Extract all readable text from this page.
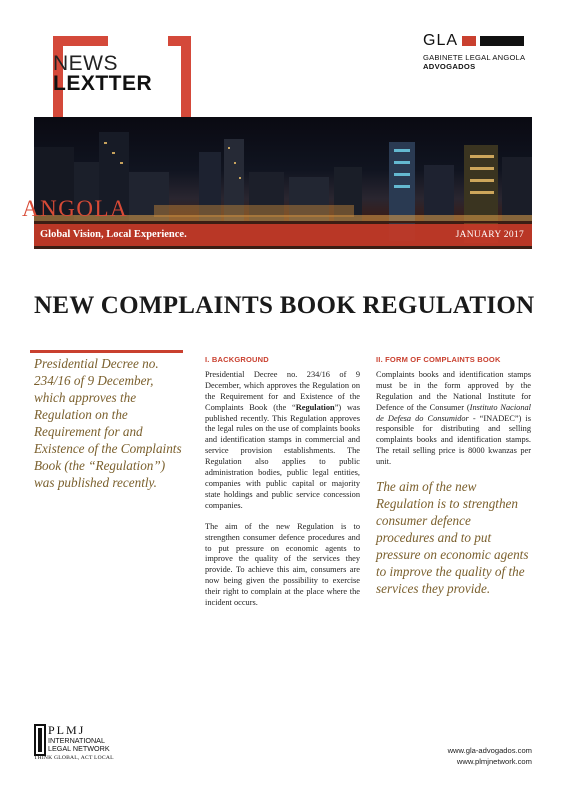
NEWS
LEXTTER
GLA
GABINETE LEGAL ANGOLA
ADVOGADOS
ANGOLA
Global Vision, Local Experience.	JANUARY 2017
NEW COMPLAINTS BOOK REGULATION
Presidential Decree no. 234/16 of 9 December, which approves the Regulation on the Requirement for and Existence of the Complaints Book (the “Regulation”) was published recently.
I. BACKGROUND

Presidential Decree no. 234/16 of 9 December, which approves the Regulation on the Requirement for and Existence of the Complaints Book (the “Regulation”) was published recently. This Regulation approves the legal rules on the use of complaints books and identification stamps in commercial and service provision establishments. The Regulation also applies to public administration bodies, public legal entities, companies with public capital or majority state holdings and public service concession companies.

The aim of the new Regulation is to strengthen consumer defence procedures and to put pressure on economic agents to improve the quality of the services they provide. To achieve this aim, consumers are now being given the possibility to exercise their right to complain at the place where the incident occurs.

II. FORM OF COMPLAINTS BOOK

Complaints books and identification stamps must be in the form approved by the Regulation and the National Institute for Defence of the Consumer (Instituto Nacional de Defesa do Consumidor - “INADEC”) is responsible for distributing and selling complaints books and identification stamps. The retail selling price is 8000 kwanzas per unit.

The aim of the new Regulation is to strengthen consumer defence procedures and to put pressure on economic agents to improve the quality of the services they provide.

PLMJ
INTERNATIONAL
LEGAL NETWORK
THINK GLOBAL, ACT LOCAL
www.gla-advogados.com
www.plmjnetwork.com
